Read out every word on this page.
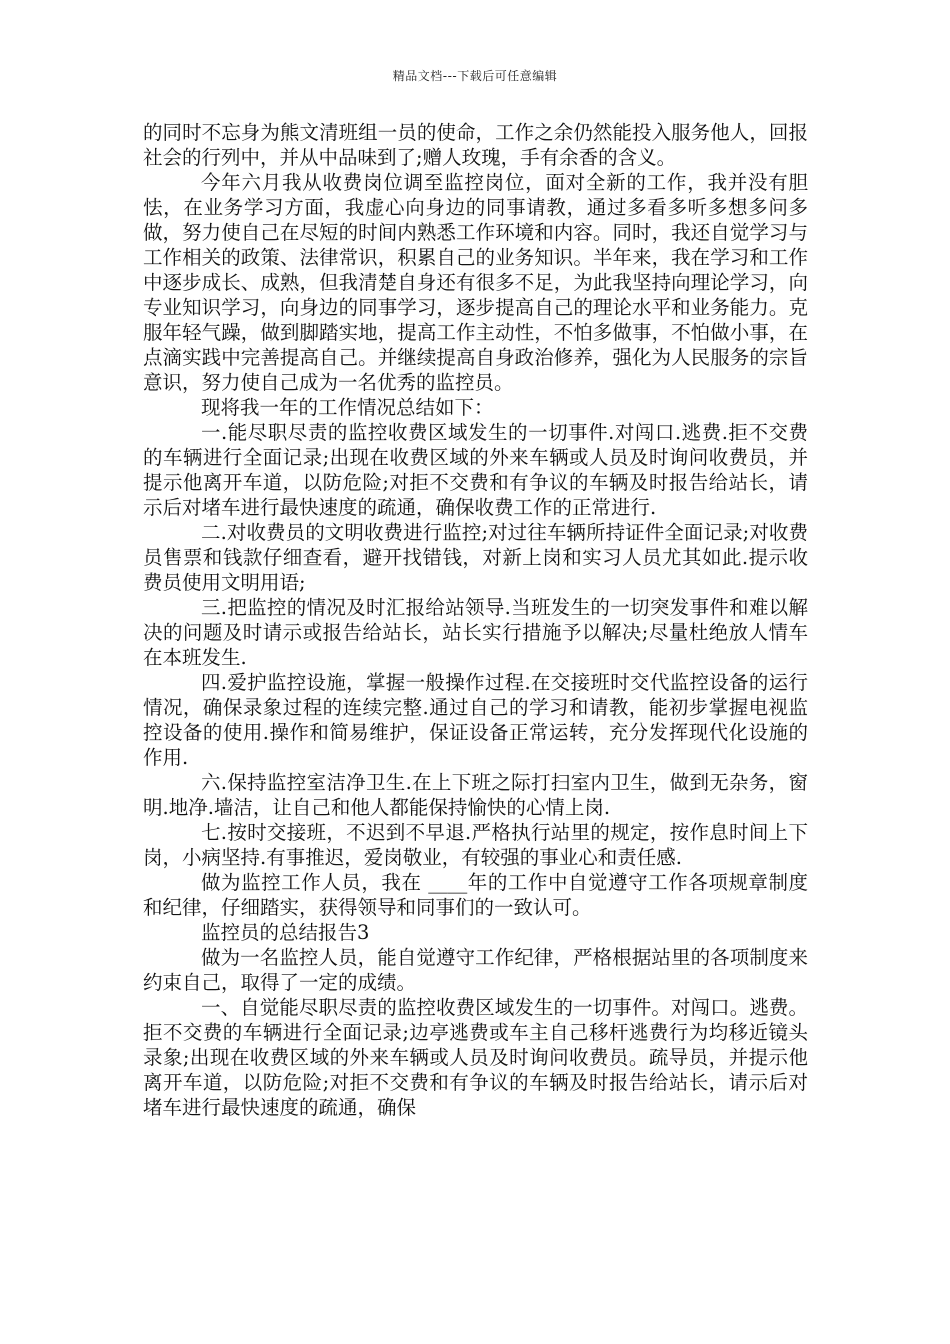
精品文档---下载后可任意编辑

的同时不忘身为熊文清班组一员的使命，工作之余仍然能投入服务他人，回报社会的行列中，并从中品味到了;赠人玫瑰，手有余香的含义。

今年六月我从收费岗位调至监控岗位，面对全新的工作，我并没有胆怯，在业务学习方面，我虚心向身边的同事请教，通过多看多听多想多问多做，努力使自己在尽短的时间内熟悉工作环境和内容。同时，我还自觉学习与工作相关的政策、法律常识，积累自己的业务知识。半年来，我在学习和工作中逐步成长、成熟，但我清楚自身还有很多不足，为此我坚持向理论学习，向专业知识学习，向身边的同事学习，逐步提高自己的理论水平和业务能力。克服年轻气躁，做到脚踏实地，提高工作主动性，不怕多做事，不怕做小事，在点滴实践中完善提高自己。并继续提高自身政治修养，强化为人民服务的宗旨意识，努力使自己成为一名优秀的监控员。

现将我一年的工作情况总结如下：

一.能尽职尽责的监控收费区域发生的一切事件.对闯口.逃费.拒不交费的车辆进行全面记录;出现在收费区域的外来车辆或人员及时询问收费员，并提示他离开车道，以防危险;对拒不交费和有争议的车辆及时报告给站长，请示后对堵车进行最快速度的疏通，确保收费工作的正常进行.

二.对收费员的文明收费进行监控;对过往车辆所持证件全面记录;对收费员售票和钱款仔细查看，避开找错钱，对新上岗和实习人员尤其如此.提示收费员使用文明用语;

三.把监控的情况及时汇报给站领导.当班发生的一切突发事件和难以解决的问题及时请示或报告给站长，站长实行措施予以解决;尽量杜绝放人情车在本班发生.

四.爱护监控设施，掌握一般操作过程.在交接班时交代监控设备的运行情况，确保录象过程的连续完整.通过自己的学习和请教，能初步掌握电视监控设备的使用.操作和简易维护，保证设备正常运转，充分发挥现代化设施的作用.

六.保持监控室洁净卫生.在上下班之际打扫室内卫生，做到无杂务，窗明.地净.墙洁，让自己和他人都能保持愉快的心情上岗.

七.按时交接班，不迟到不早退.严格执行站里的规定，按作息时间上下岗，小病坚持.有事推迟，爱岗敬业，有较强的事业心和责任感.

做为监控工作人员，我在 ____年的工作中自觉遵守工作各项规章制度和纪律，仔细踏实，获得领导和同事们的一致认可。

监控员的总结报告3

做为一名监控人员，能自觉遵守工作纪律，严格根据站里的各项制度来约束自己，取得了一定的成绩。

一、自觉能尽职尽责的监控收费区域发生的一切事件。对闯口。逃费。拒不交费的车辆进行全面记录;边亭逃费或车主自己移杆逃费行为均移近镜头录象;出现在收费区域的外来车辆或人员及时询问收费员。疏导员，并提示他离开车道，以防危险;对拒不交费和有争议的车辆及时报告给站长，请示后对堵车进行最快速度的疏通，确保
